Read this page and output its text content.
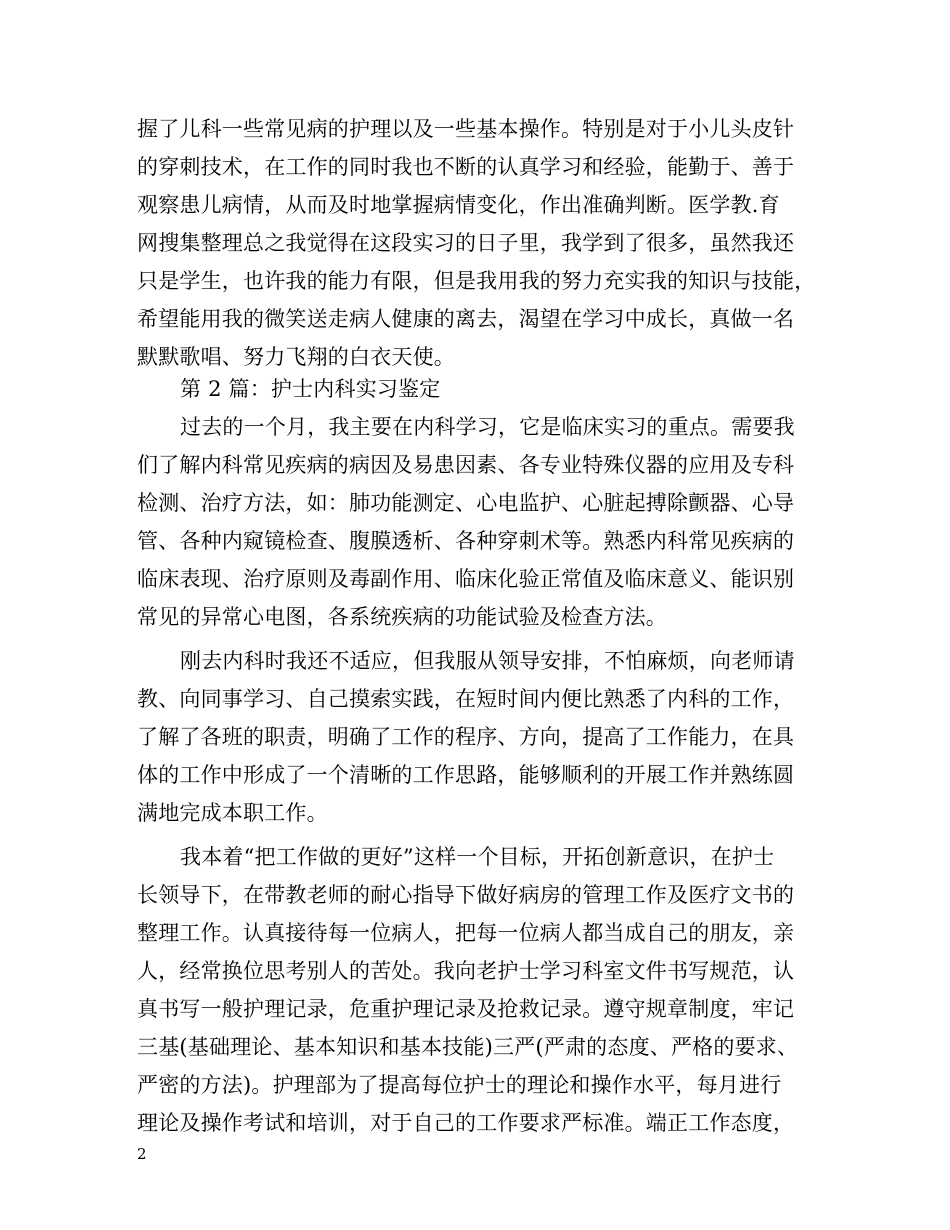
握了儿科一些常见病的护理以及一些基本操作。特别是对于小儿头皮针
的穿刺技术，在工作的同时我也不断的认真学习和经验，能勤于、善于
观察患儿病情，从而及时地掌握病情变化，作出准确判断。医学教.育
网搜集整理总之我觉得在这段实习的日子里，我学到了很多，虽然我还
只是学生，也许我的能力有限，但是我用我的努力充实我的知识与技能，
希望能用我的微笑送走病人健康的离去，渴望在学习中成长，真做一名
默默歌唱、努力飞翔的白衣天使。
第 2 篇：护士内科实习鉴定
过去的一个月，我主要在内科学习，它是临床实习的重点。需要我
们了解内科常见疾病的病因及易患因素、各专业特殊仪器的应用及专科
检测、治疗方法，如：肺功能测定、心电监护、心脏起搏除颤器、心导
管、各种内窥镜检查、腹膜透析、各种穿刺术等。熟悉内科常见疾病的
临床表现、治疗原则及毒副作用、临床化验正常值及临床意义、能识别
常见的异常心电图，各系统疾病的功能试验及检查方法。
刚去内科时我还不适应，但我服从领导安排，不怕麻烦，向老师请
教、向同事学习、自己摸索实践，在短时间内便比熟悉了内科的工作，
了解了各班的职责，明确了工作的程序、方向，提高了工作能力，在具
体的工作中形成了一个清晰的工作思路，能够顺利的开展工作并熟练圆
满地完成本职工作。
我本着“把工作做的更好”这样一个目标，开拓创新意识，在护士
长领导下，在带教老师的耐心指导下做好病房的管理工作及医疗文书的
整理工作。认真接待每一位病人，把每一位病人都当成自己的朋友，亲
人，经常换位思考别人的苦处。我向老护士学习科室文件书写规范，认
真书写一般护理记录，危重护理记录及抢救记录。遵守规章制度，牢记
三基(基础理论、基本知识和基本技能)三严(严肃的态度、严格的要求、
严密的方法)。护理部为了提高每位护士的理论和操作水平，每月进行
理论及操作考试和培训，对于自己的工作要求严标准。端正工作态度，
2
